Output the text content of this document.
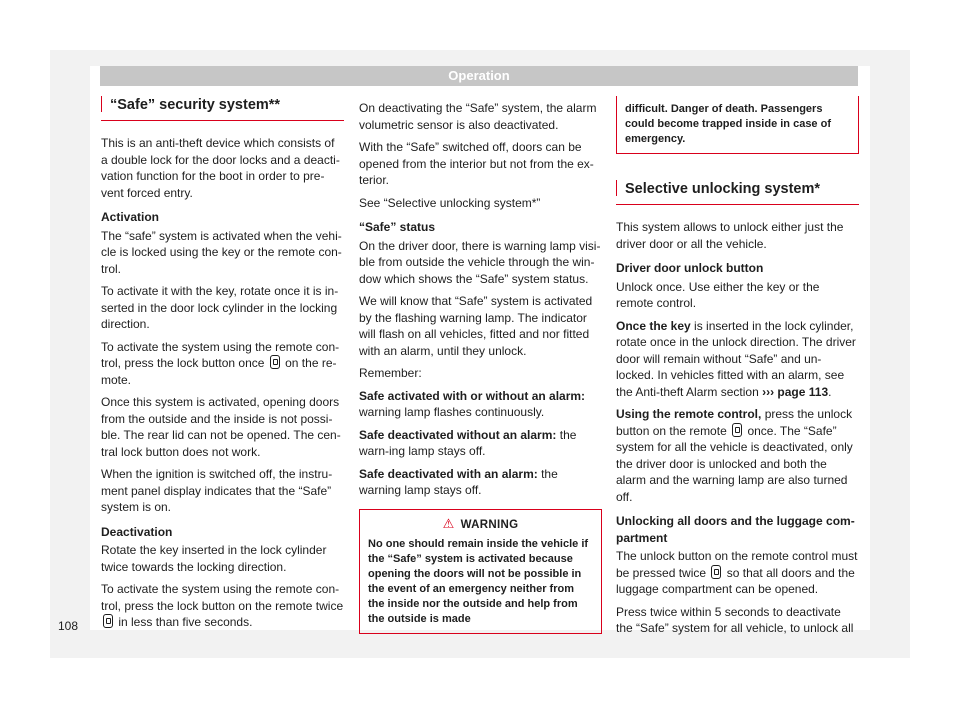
Operation
“Safe” security system**

This is an anti-theft device which consists of a double lock for the door locks and a deacti-vation function for the boot in order to pre-vent forced entry.

Activation

The “safe” system is activated when the vehi-cle is locked using the key or the remote con-trol.

To activate it with the key, rotate once it is in-serted in the door lock cylinder in the locking direction.

To activate the system using the remote con-trol, press the lock button once on the re-mote.

Once this system is activated, opening doors from the outside and the inside is not possi-ble. The rear lid can not be opened. The cen-tral lock button does not work.

When the ignition is switched off, the instru-ment panel display indicates that the “Safe” system is on.

Deactivation

Rotate the key inserted in the lock cylinder twice towards the locking direction.

To activate the system using the remote con-trol, press the lock button on the remote twice  in less than five seconds.

On deactivating the “Safe” system, the alarm volumetric sensor is also deactivated.

With the “Safe” switched off, doors can be opened from the interior but not from the ex-terior.

See “Selective unlocking system*”

“Safe” status

On the driver door, there is warning lamp visi-ble from outside the vehicle through the win-dow which shows the “Safe” system status.

We will know that “Safe” system is activated by the flashing warning lamp. The indicator will flash on all vehicles, fitted and nor fitted with an alarm, until they unlock.

Remember:

Safe activated with or without an alarm: warning lamp flashes continuously.

Safe deactivated without an alarm: the warn-ing lamp stays off.

Safe deactivated with an alarm: the warning lamp stays off.

⚠ WARNING
No one should remain inside the vehicle if the “Safe” system is activated because opening the doors will not be possible in the event of an emergency neither from the inside nor the outside and help from the outside is made
difficult. Danger of death. Passengers could become trapped inside in case of emergency.
Selective unlocking system*

This system allows to unlock either just the driver door or all the vehicle.

Driver door unlock button

Unlock once. Use either the key or the remote control.

Once the key is inserted in the lock cylinder, rotate once in the unlock direction. The driver door will remain without “Safe” and un-locked. In vehicles fitted with an alarm, see the Anti-theft Alarm section ››› page 113.

Using the remote control, press the unlock button on the remote once. The “Safe” system for all the vehicle is deactivated, only the driver door is unlocked and both the alarm and the warning lamp are also turned off.

Unlocking all doors and the luggage com-partment

The unlock button on the remote control must be pressed twice so that all doors and the luggage compartment can be opened.

Press twice within 5 seconds to deactivate the “Safe” system for all vehicle, to unlock all

108
